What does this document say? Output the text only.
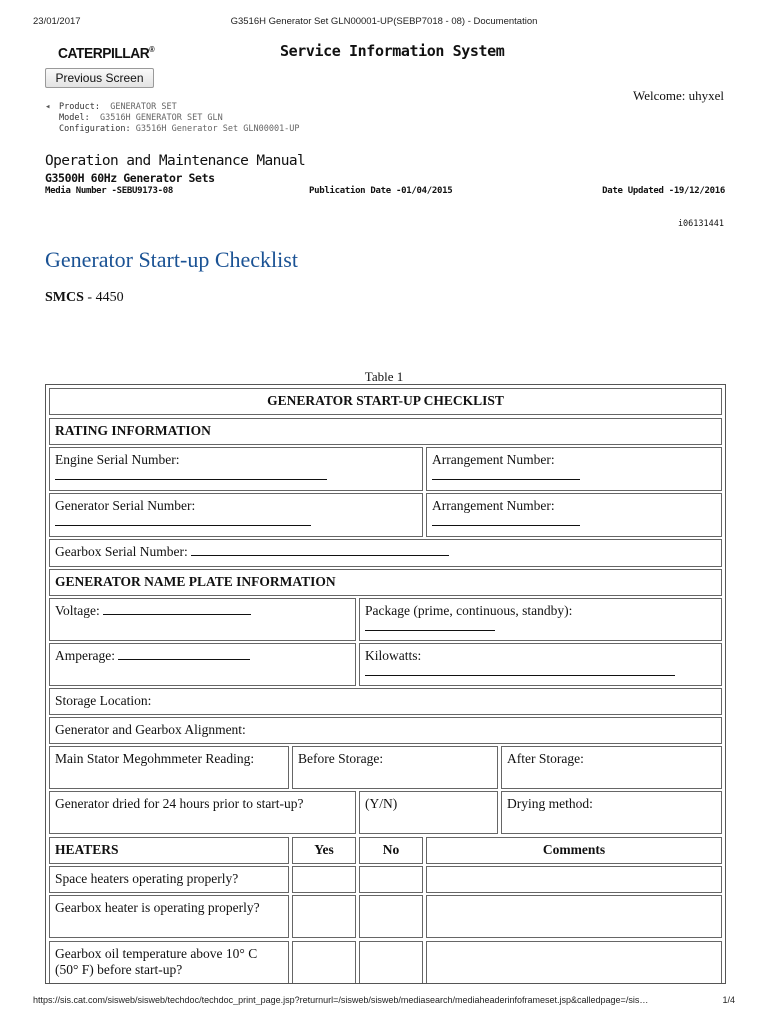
23/01/2017	G3516H Generator Set GLN00001-UP(SEBP7018 - 08) - Documentation
CATERPILLAR®	Service Information System
Previous Screen
Welcome: uhyxel
◂	Product: GENERATOR SET
Model: G3516H GENERATOR SET GLN
Configuration: G3516H Generator Set GLN00001-UP
Operation and Maintenance Manual
G3500H 60Hz Generator Sets
Media Number -SEBU9173-08	Publication Date -01/04/2015	Date Updated -19/12/2016
i06131441
Generator Start-up Checklist
SMCS - 4450
Table 1
GENERATOR START-UP CHECKLIST
RATING INFORMATION
Engine Serial Number:	Arrangement Number:
Generator Serial Number:	Arrangement Number:
Gearbox Serial Number:
GENERATOR NAME PLATE INFORMATION
Voltage:	Package (prime, continuous, standby):
Amperage:	Kilowatts:
Storage Location:
Generator and Gearbox Alignment:
Main Stator Megohmmeter Reading:	Before Storage:	After Storage:
Generator dried for 24 hours prior to start-up?	(Y/N)	Drying method:
HEATERS	Yes	No	Comments
Space heaters operating properly?
Gearbox heater is operating properly?
Gearbox oil temperature above 10° C (50° F) before start-up?
https://sis.cat.com/sisweb/sisweb/techdoc/techdoc_print_page.jsp?returnurl=/sisweb/sisweb/mediasearch/mediaheaderinfoframeset.jsp&calledpage=/sis…	1/4
